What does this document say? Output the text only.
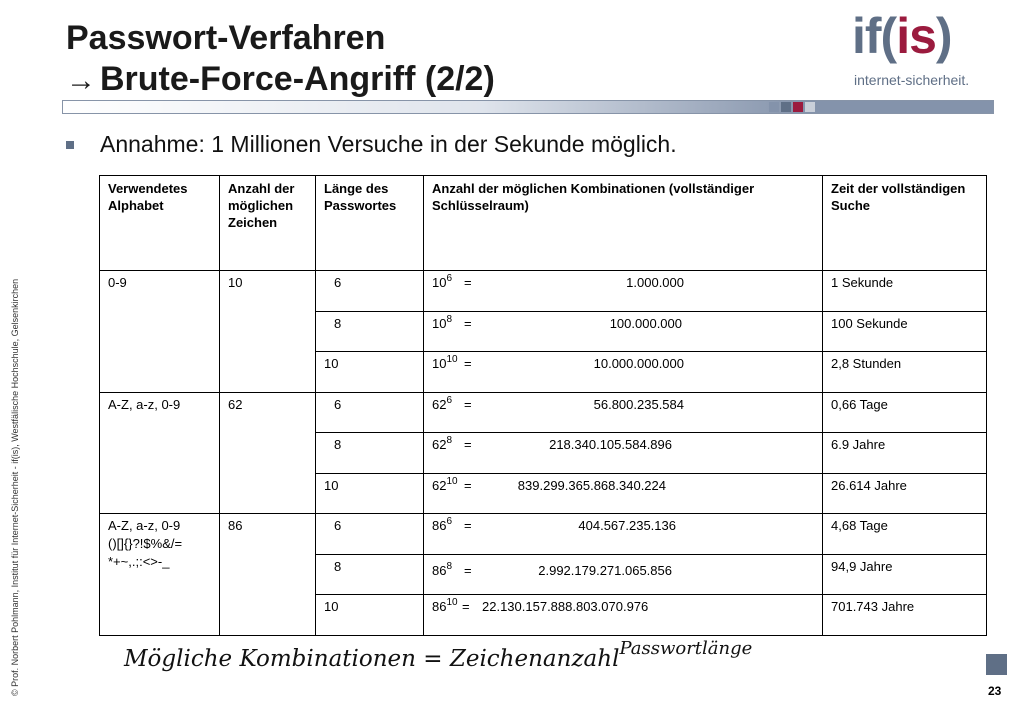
Passwort-Verfahren
→ Brute-Force-Angriff (2/2)
if(is)
internet-sicherheit.
© Prof. Norbert Pohlmann, Institut für Internet-Sicherheit - if(is), Westfälische Hochschule, Gelsenkirchen
Annahme: 1 Millionen Versuche in der Sekunde möglich.
Verwendetes Alphabet	Anzahl der möglichen Zeichen	Länge des Passwortes	Anzahl der möglichen Kombinationen (vollständiger Schlüsselraum)	Zeit der vollständigen Suche

0-9	10	6	$10^6 = 1.000.000$	1 Sekunde
		8	$10^8 = 100.000.000$	100 Sekunde
		10	$10^{10} = 10.000.000.000$	2,8 Stunden

A-Z, a-z, 0-9	62	6	$62^6 = 56.800.235.584$	0,66 Tage
		8	$62^8 = 218.340.105.584.896$	6.9 Jahre
		10	$62^{10} = 839.299.365.868.340.224$	26.614 Jahre

A-Z, a-z, 0-9
()[]{}?!$%&/=
*+~,.;:<>-_	86	6	$86^6 = 404.567.235.136$	4,68 Tage
		8	$86^8 = 2.992.179.271.065.856$	94,9 Jahre
		10	$86^{10} = 22.130.157.888.803.070.976$	701.743 Jahre
Mögliche Kombinationen = Zeichenanzahl$^{Passwortlänge}$
23
